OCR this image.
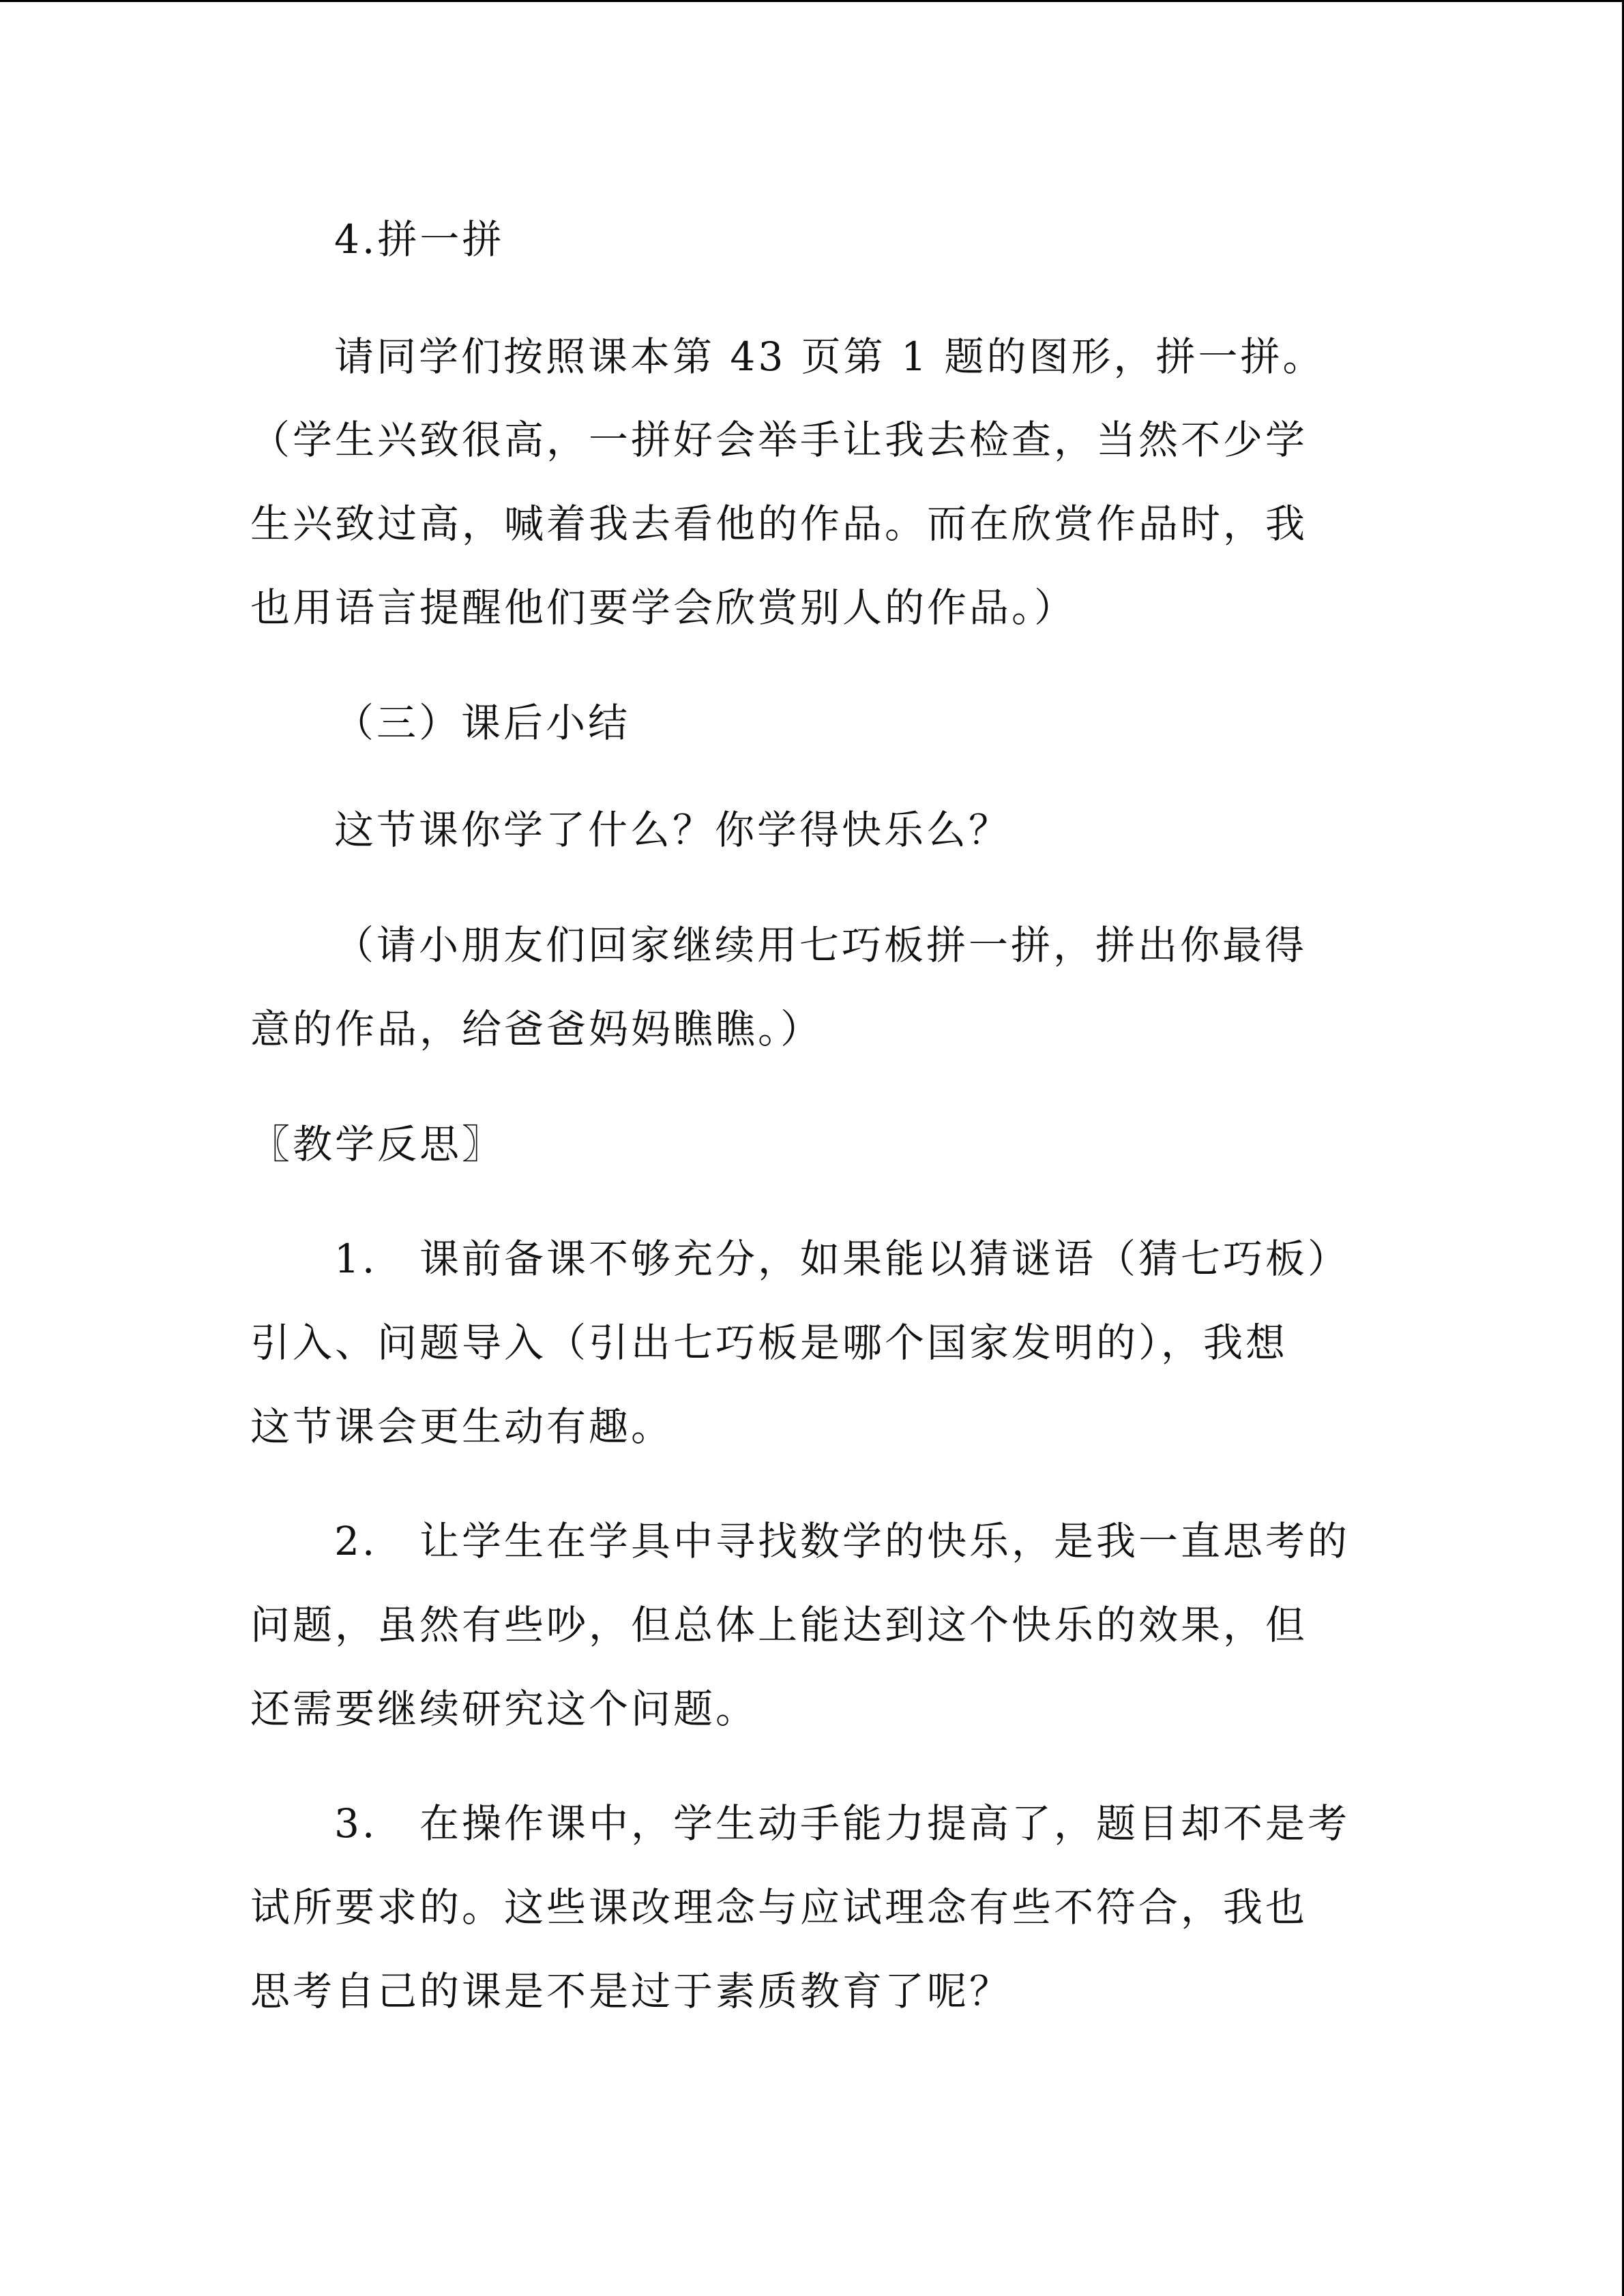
4.拼一拼

请同学们按照课本第 43 页第 1 题的图形，拼一拼。

（学生兴致很高，一拼好会举手让我去检查，当然不少学

生兴致过高，喊着我去看他的作品。而在欣赏作品时，我

也用语言提醒他们要学会欣赏别人的作品。）

（三）课后小结

这节课你学了什么？你学得快乐么？

（请小朋友们回家继续用七巧板拼一拼，拼出你最得

意的作品，给爸爸妈妈瞧瞧。）

〖教学反思〗

1. 课前备课不够充分，如果能以猜谜语（猜七巧板）

引入、问题导入（引出七巧板是哪个国家发明的），我想

这节课会更生动有趣。

2. 让学生在学具中寻找数学的快乐，是我一直思考的

问题，虽然有些吵，但总体上能达到这个快乐的效果，但

还需要继续研究这个问题。

3. 在操作课中，学生动手能力提高了，题目却不是考

试所要求的。这些课改理念与应试理念有些不符合，我也

思考自己的课是不是过于素质教育了呢？
